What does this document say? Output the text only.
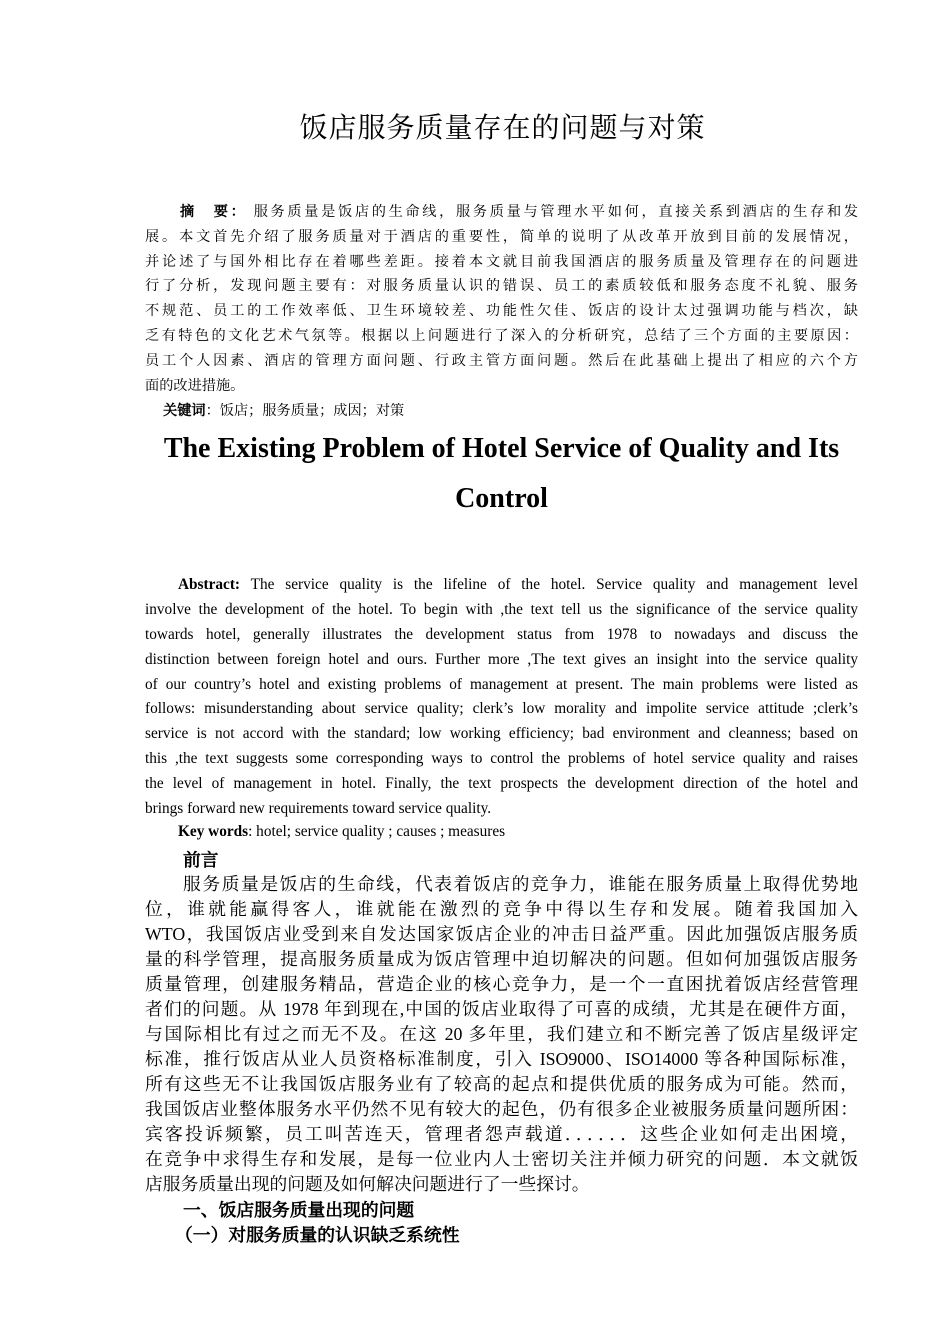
饭店服务质量存在的问题与对策
摘　要： 服务质量是饭店的生命线，服务质量与管理水平如何，直接关系到酒店的生存和发
展。本文首先介绍了服务质量对于酒店的重要性，简单的说明了从改革开放到目前的发展情况，
并论述了与国外相比存在着哪些差距。接着本文就目前我国酒店的服务质量及管理存在的问题进
行了分析，发现问题主要有：对服务质量认识的错误、员工的素质较低和服务态度不礼貌、服务
不规范、员工的工作效率低、卫生环境较差、功能性欠佳、饭店的设计太过强调功能与档次，缺
乏有特色的文化艺术气氛等。根据以上问题进行了深入的分析研究，总结了三个方面的主要原因：
员工个人因素、酒店的管理方面问题、行政主管方面问题。然后在此基础上提出了相应的六个方
面的改进措施。
关键词：饭店；服务质量；成因；对策
The Existing Problem of Hotel Service of Quality and Its
Control
Abstract: The service quality is the lifeline of the hotel. Service quality and management level
involve the development of the hotel. To begin with ,the text tell us the significance of the service quality
towards hotel, generally illustrates the development status from 1978 to nowadays and discuss the
distinction between foreign hotel and ours. Further more ,The text gives an insight into the service quality
of our country’s hotel and existing problems of management at present. The main problems were listed as
follows: misunderstanding about service quality; clerk’s low morality and impolite service attitude ;clerk’s
service is not accord with the standard; low working efficiency; bad environment and cleanness; based on
this ,the text suggests some corresponding ways to control the problems of hotel service quality and raises
the level of management in hotel. Finally, the text prospects the development direction of the hotel and
brings forward new requirements toward service quality.
Key words: hotel; service quality ; causes ; measures
前言
服务质量是饭店的生命线，代表着饭店的竞争力，谁能在服务质量上取得优势地
位，谁就能赢得客人，谁就能在激烈的竞争中得以生存和发展。随着我国加入
WTO，我国饭店业受到来自发达国家饭店企业的冲击日益严重。因此加强饭店服务质
量的科学管理，提高服务质量成为饭店管理中迫切解决的问题。但如何加强饭店服务
质量管理，创建服务精品，营造企业的核心竞争力，是一个一直困扰着饭店经营管理
者们的问题。从 1978 年到现在,中国的饭店业取得了可喜的成绩，尤其是在硬件方面，
与国际相比有过之而无不及。在这 20 多年里，我们建立和不断完善了饭店星级评定
标准，推行饭店从业人员资格标准制度，引入 ISO9000、ISO14000 等各种国际标准，
所有这些无不让我国饭店服务业有了较高的起点和提供优质的服务成为可能。然而，
我国饭店业整体服务水平仍然不见有较大的起色，仍有很多企业被服务质量问题所困：
宾客投诉频繁，员工叫苦连天，管理者怨声载道．．．．．．这些企业如何走出困境，
在竞争中求得生存和发展，是每一位业内人士密切关注并倾力研究的问题．本文就饭
店服务质量出现的问题及如何解决问题进行了一些探讨。
一、饭店服务质量出现的问题
（一）对服务质量的认识缺乏系统性
